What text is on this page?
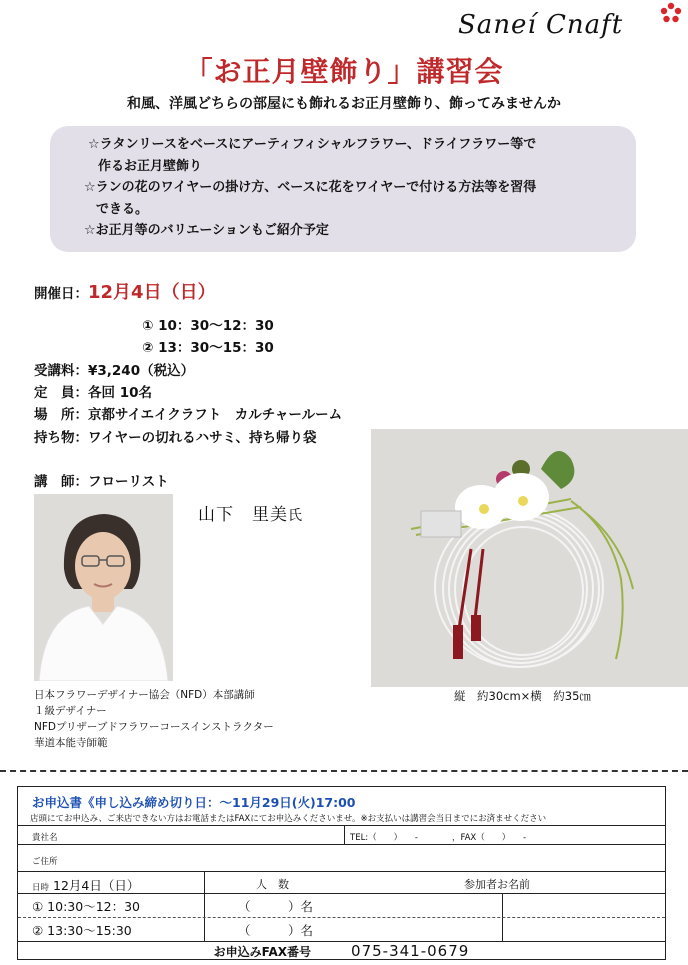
Saneí Cnaft
「お正月壁飾り」講習会
和風、洋風どちらの部屋にも飾れるお正月壁飾り、飾ってみませんか
☆ラタンリースをベースにアーティフィシャルフラワー、ドライフラワー等で
作るお正月壁飾り
☆ランの花のワイヤーの掛け方、ベースに花をワイヤーで付ける方法等を習得
できる。
☆お正月等のバリエーションもご紹介予定
開催日：12月4日（日）
① 10：30～12：30
② 13：30～15：30
受講料：¥3,240（税込）
定　員：各回 10名
場　所：京都サイエイクラフト　カルチャールーム
持ち物：ワイヤーの切れるハサミ、持ち帰り袋
講　師：フローリスト
山下　里美氏
縦　約30cm×横　約35㎝
日本フラワーデザイナー協会（NFD）本部講師
１級デザイナー
NFDプリザーブドフラワーコースインストラクター
華道本能寺師範
お申込書《申し込み締め切り日：～11月29日(火)17:00
店頭にてお申込み、ご来店できない方はお電話またはFAXにてお申込みくださいませ。※お支払いは講習会当日までにお済ませください
貴社名	TEL:（　　）　　-　　　　，FAX（　　）　　-
ご住所
日時 12月4日（日）	人　数	参加者お名前
① 10:30～12：30	（　　　）名
② 13:30～15:30	（　　　）名
お申込みFAX番号	075-341-0679
